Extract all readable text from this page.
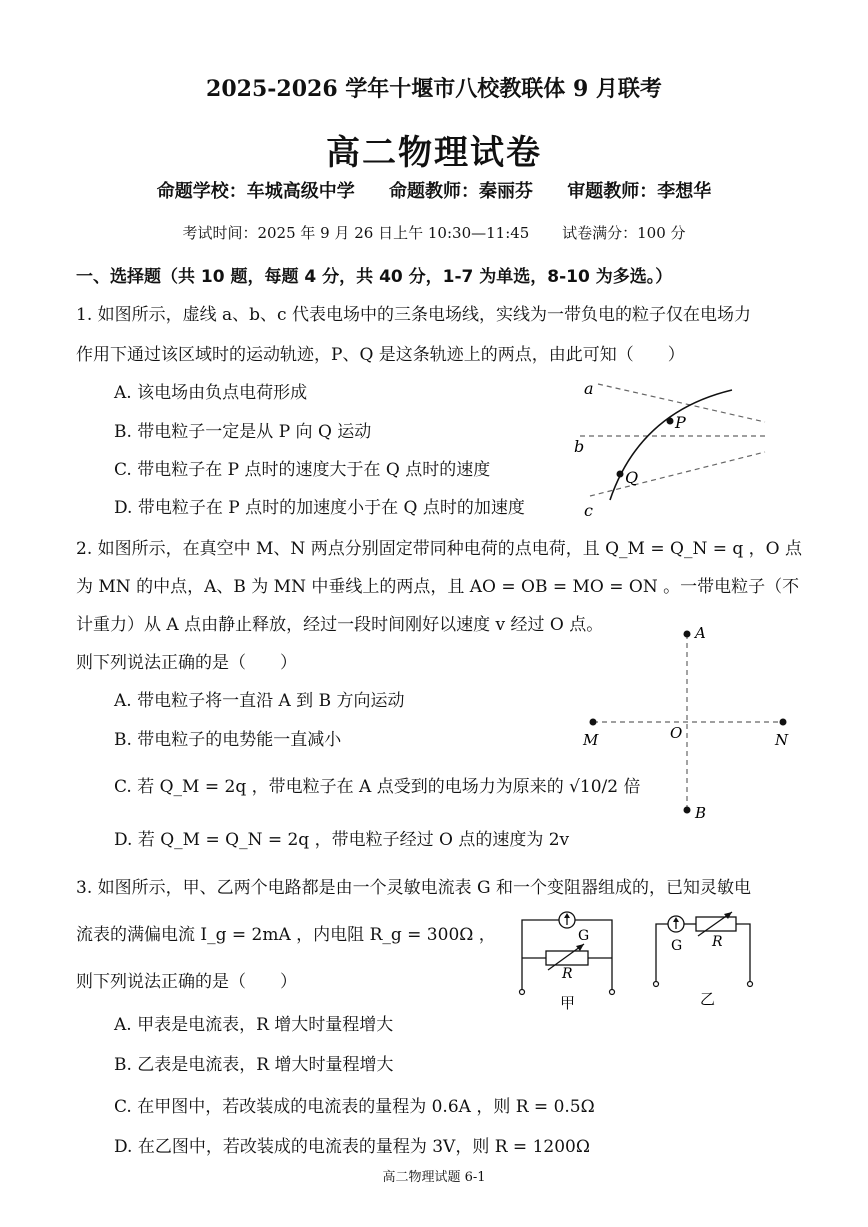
2025-2026 学年十堰市八校教联体 9 月联考
高二物理试卷
命题学校：车城高级中学 命题教师：秦丽芬 审题教师：李想华
考试时间：2025 年 9 月 26 日上午 10:30—11:45 试卷满分：100 分
一、选择题（共 10 题，每题 4 分，共 40 分，1-7 为单选，8-10 为多选。）
1. 如图所示，虚线 a、b、c 代表电场中的三条电场线，实线为一带负电的粒子仅在电场力
作用下通过该区域时的运动轨迹，P、Q 是这条轨迹上的两点，由此可知（　　）
A. 该电场由负点电荷形成
B. 带电粒子一定是从 P 向 Q 运动
C. 带电粒子在 P 点时的速度大于在 Q 点时的速度
D. 带电粒子在 P 点时的加速度小于在 Q 点时的加速度
a
b
c
P
Q
2. 如图所示，在真空中 M、N 两点分别固定带同种电荷的点电荷，且 Q_M = Q_N = q ，O 点
为 MN 的中点，A、B 为 MN 中垂线上的两点，且 AO = OB = MO = ON 。一带电粒子（不
计重力）从 A 点由静止释放，经过一段时间刚好以速度 v 经过 O 点。
则下列说法正确的是（　　）
A. 带电粒子将一直沿 A 到 B 方向运动
B. 带电粒子的电势能一直减小
C. 若 Q_M = 2q ，带电粒子在 A 点受到的电场力为原来的 √10/2 倍
D. 若 Q_M = Q_N = 2q ，带电粒子经过 O 点的速度为 2v
A
B
M	N
O
3. 如图所示，甲、乙两个电路都是由一个灵敏电流表 G 和一个变阻器组成的，已知灵敏电
流表的满偏电流 I_g = 2mA ，内电阻 R_g = 300Ω ，
则下列说法正确的是（　　）
A. 甲表是电流表，R 增大时量程增大
B. 乙表是电流表，R 增大时量程增大
C. 在甲图中，若改装成的电流表的量程为 0.6A ，则 R = 0.5Ω
D. 在乙图中，若改装成的电流表的量程为 3V，则 R = 1200Ω
G
R
甲
G R
乙
高二物理试题 6-1
